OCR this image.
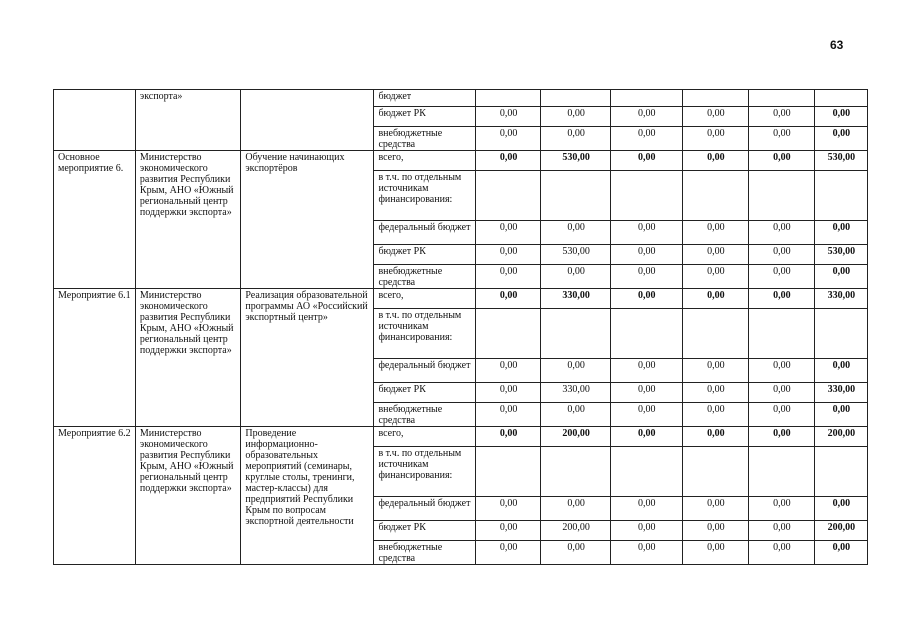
63
	экспорта»		бюджет						
			бюджет РК	0,00	0,00	0,00	0,00	0,00	0,00
			внебюджетные средства	0,00	0,00	0,00	0,00	0,00	0,00
Основное мероприятие 6.	Министерство экономического развития Республики Крым, АНО «Южный региональный центр поддержки экспорта»	Обучение начинающих экспортёров	всего,	0,00	530,00	0,00	0,00	0,00	530,00
			в т.ч. по отдельным источникам финансирования:						
			федеральный бюджет	0,00	0,00	0,00	0,00	0,00	0,00
			бюджет РК	0,00	530,00	0,00	0,00	0,00	530,00
			внебюджетные средства	0,00	0,00	0,00	0,00	0,00	0,00
Мероприятие 6.1	Министерство экономического развития Республики Крым, АНО «Южный региональный центр поддержки экспорта»	Реализация образовательной программы АО «Российский экспортный центр»	всего,	0,00	330,00	0,00	0,00	0,00	330,00
			в т.ч. по отдельным источникам финансирования:						
			федеральный бюджет	0,00	0,00	0,00	0,00	0,00	0,00
			бюджет РК	0,00	330,00	0,00	0,00	0,00	330,00
			внебюджетные средства	0,00	0,00	0,00	0,00	0,00	0,00
Мероприятие 6.2	Министерство экономического развития Республики Крым, АНО «Южный региональный центр поддержки экспорта»	Проведение информационно-образовательных мероприятий (семинары, круглые столы, тренинги, мастер-классы) для предприятий Республики Крым по вопросам экспортной деятельности	всего,	0,00	200,00	0,00	0,00	0,00	200,00
			в т.ч. по отдельным источникам финансирования:						
			федеральный бюджет	0,00	0,00	0,00	0,00	0,00	0,00
			бюджет РК	0,00	200,00	0,00	0,00	0,00	200,00
			внебюджетные средства	0,00	0,00	0,00	0,00	0,00	0,00
